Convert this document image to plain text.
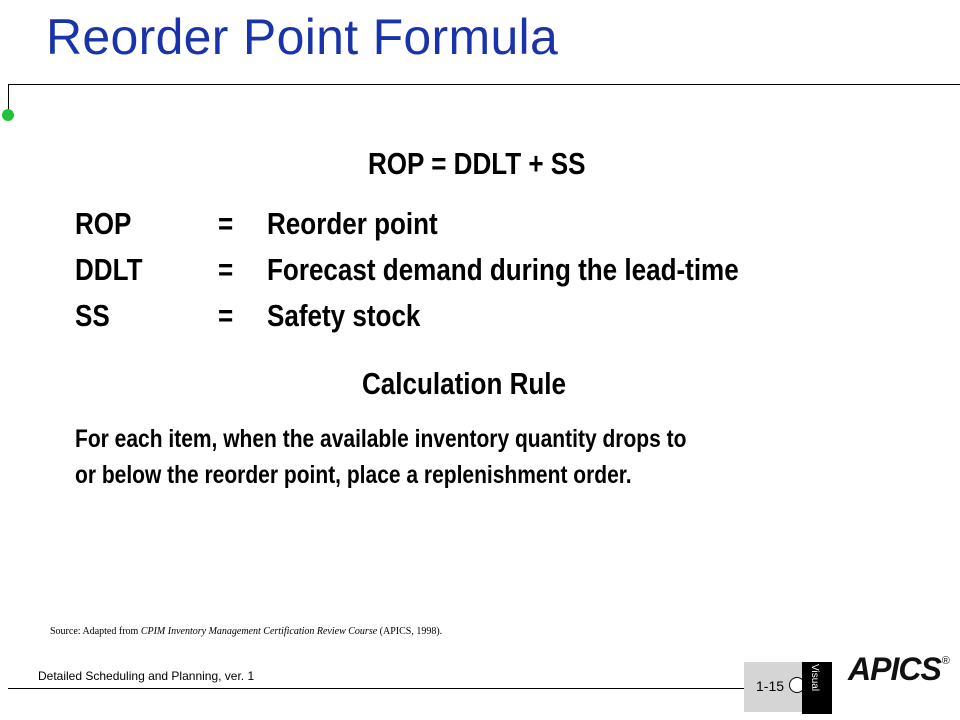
Reorder Point Formula
ROP = DDLT + SS
ROP	= Reorder point
DDLT = Forecast demand during the lead-time
SS	= Safety stock
Calculation Rule
For each item, when the available inventory quantity drops to
or below the reorder point, place a replenishment order.
Source: Adapted from CPIM Inventory Management Certification Review Course (APICS, 1998).
Detailed Scheduling and Planning, ver. 1
1-15 Visual APICS®
